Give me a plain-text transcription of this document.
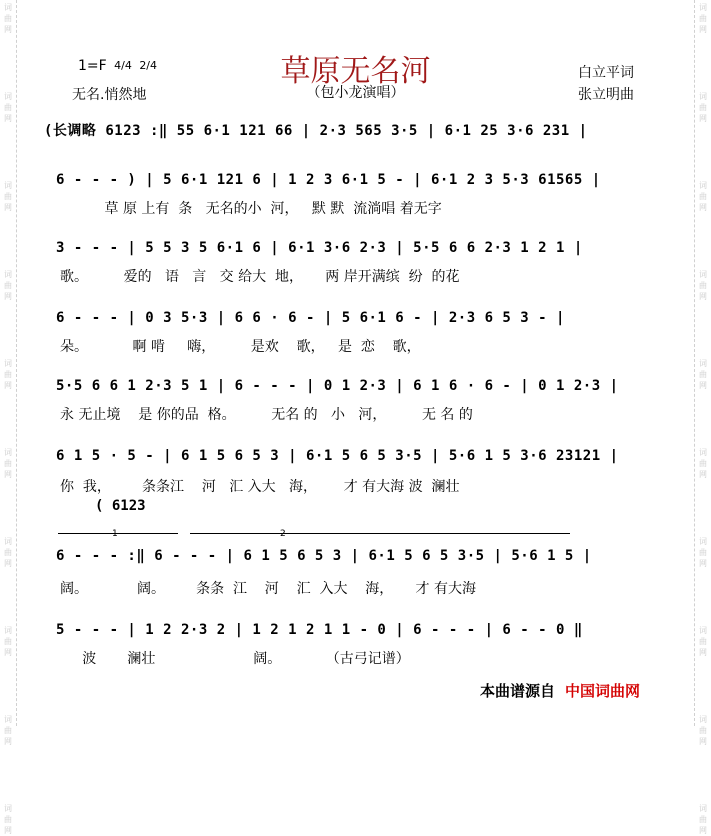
词 曲 网
词 曲 网
词 曲 网
词 曲 网
词 曲 网
词 曲 网
词 曲 网
词 曲 网
词 曲 网
词 曲 网
词 曲 网
词 曲 网
词 曲 网
词 曲 网
词 曲 网
词 曲 网
词 曲 网
词 曲 网
词 曲 网
词 曲 网
草原无名河
（包小龙演唱）
1=F 4/4 2/4
无名.悄然地
白立平词
张立明曲
(长调略 6123 :‖ 55 6·1 121 66 | 2·3 565 3·5 | 6·1 25 3·6 231 |
6 - - - ) | 5 6·1 121 6 | 1 2 3 6·1 5 - | 6·1 2 3 5·3 61565 |
草 原 上有  条   无名的小  河，   默 默  流淌唱 着无字
3 - - - | 5 5 3 5 6·1 6 | 6·1 3·6 2·3 | 5·5 6 6 2·3 1 2 1 |
歌。        爱的   语   言   交 给大  地，     两 岸开满缤  纷  的花
6 - - - | 0 3 5·3 | 6 6 · 6 - | 5 6·1 6 - | 2·3 6 5 3 - |
朵。          啊 啃     嗨，        是欢    歌，   是  恋    歌，
5·5 6 6 1 2·3 5 1 | 6 - - - | 0 1 2·3 | 6 1 6 · 6 - | 0 1 2·3 |
永 无止境    是 你的品  格。        无名 的   小   河，        无 名 的
6 1 5 · 5 - | 6 1 5 6 5 3 | 6·1 5 6 5 3·5 | 5·6 1 5 3·6 23121 |
你  我，       条条江    河   汇 入大   海，      才 有大海 波  澜壮
( 6123
1	2
6 - - - :‖ 6 - - - | 6 1 5 6 5 3 | 6·1 5 6 5 3·5 | 5·6 1 5 |
阔。           阔。       条条  江    河    汇  入大    海，     才 有大海
5 - - - | 1 2 2·3 2 | 1 2 1 2 1 1 - 0 | 6 - - - | 6 - - 0 ‖
波       澜壮                      阔。          （古弓记谱）
本曲谱源自 中国词曲网
